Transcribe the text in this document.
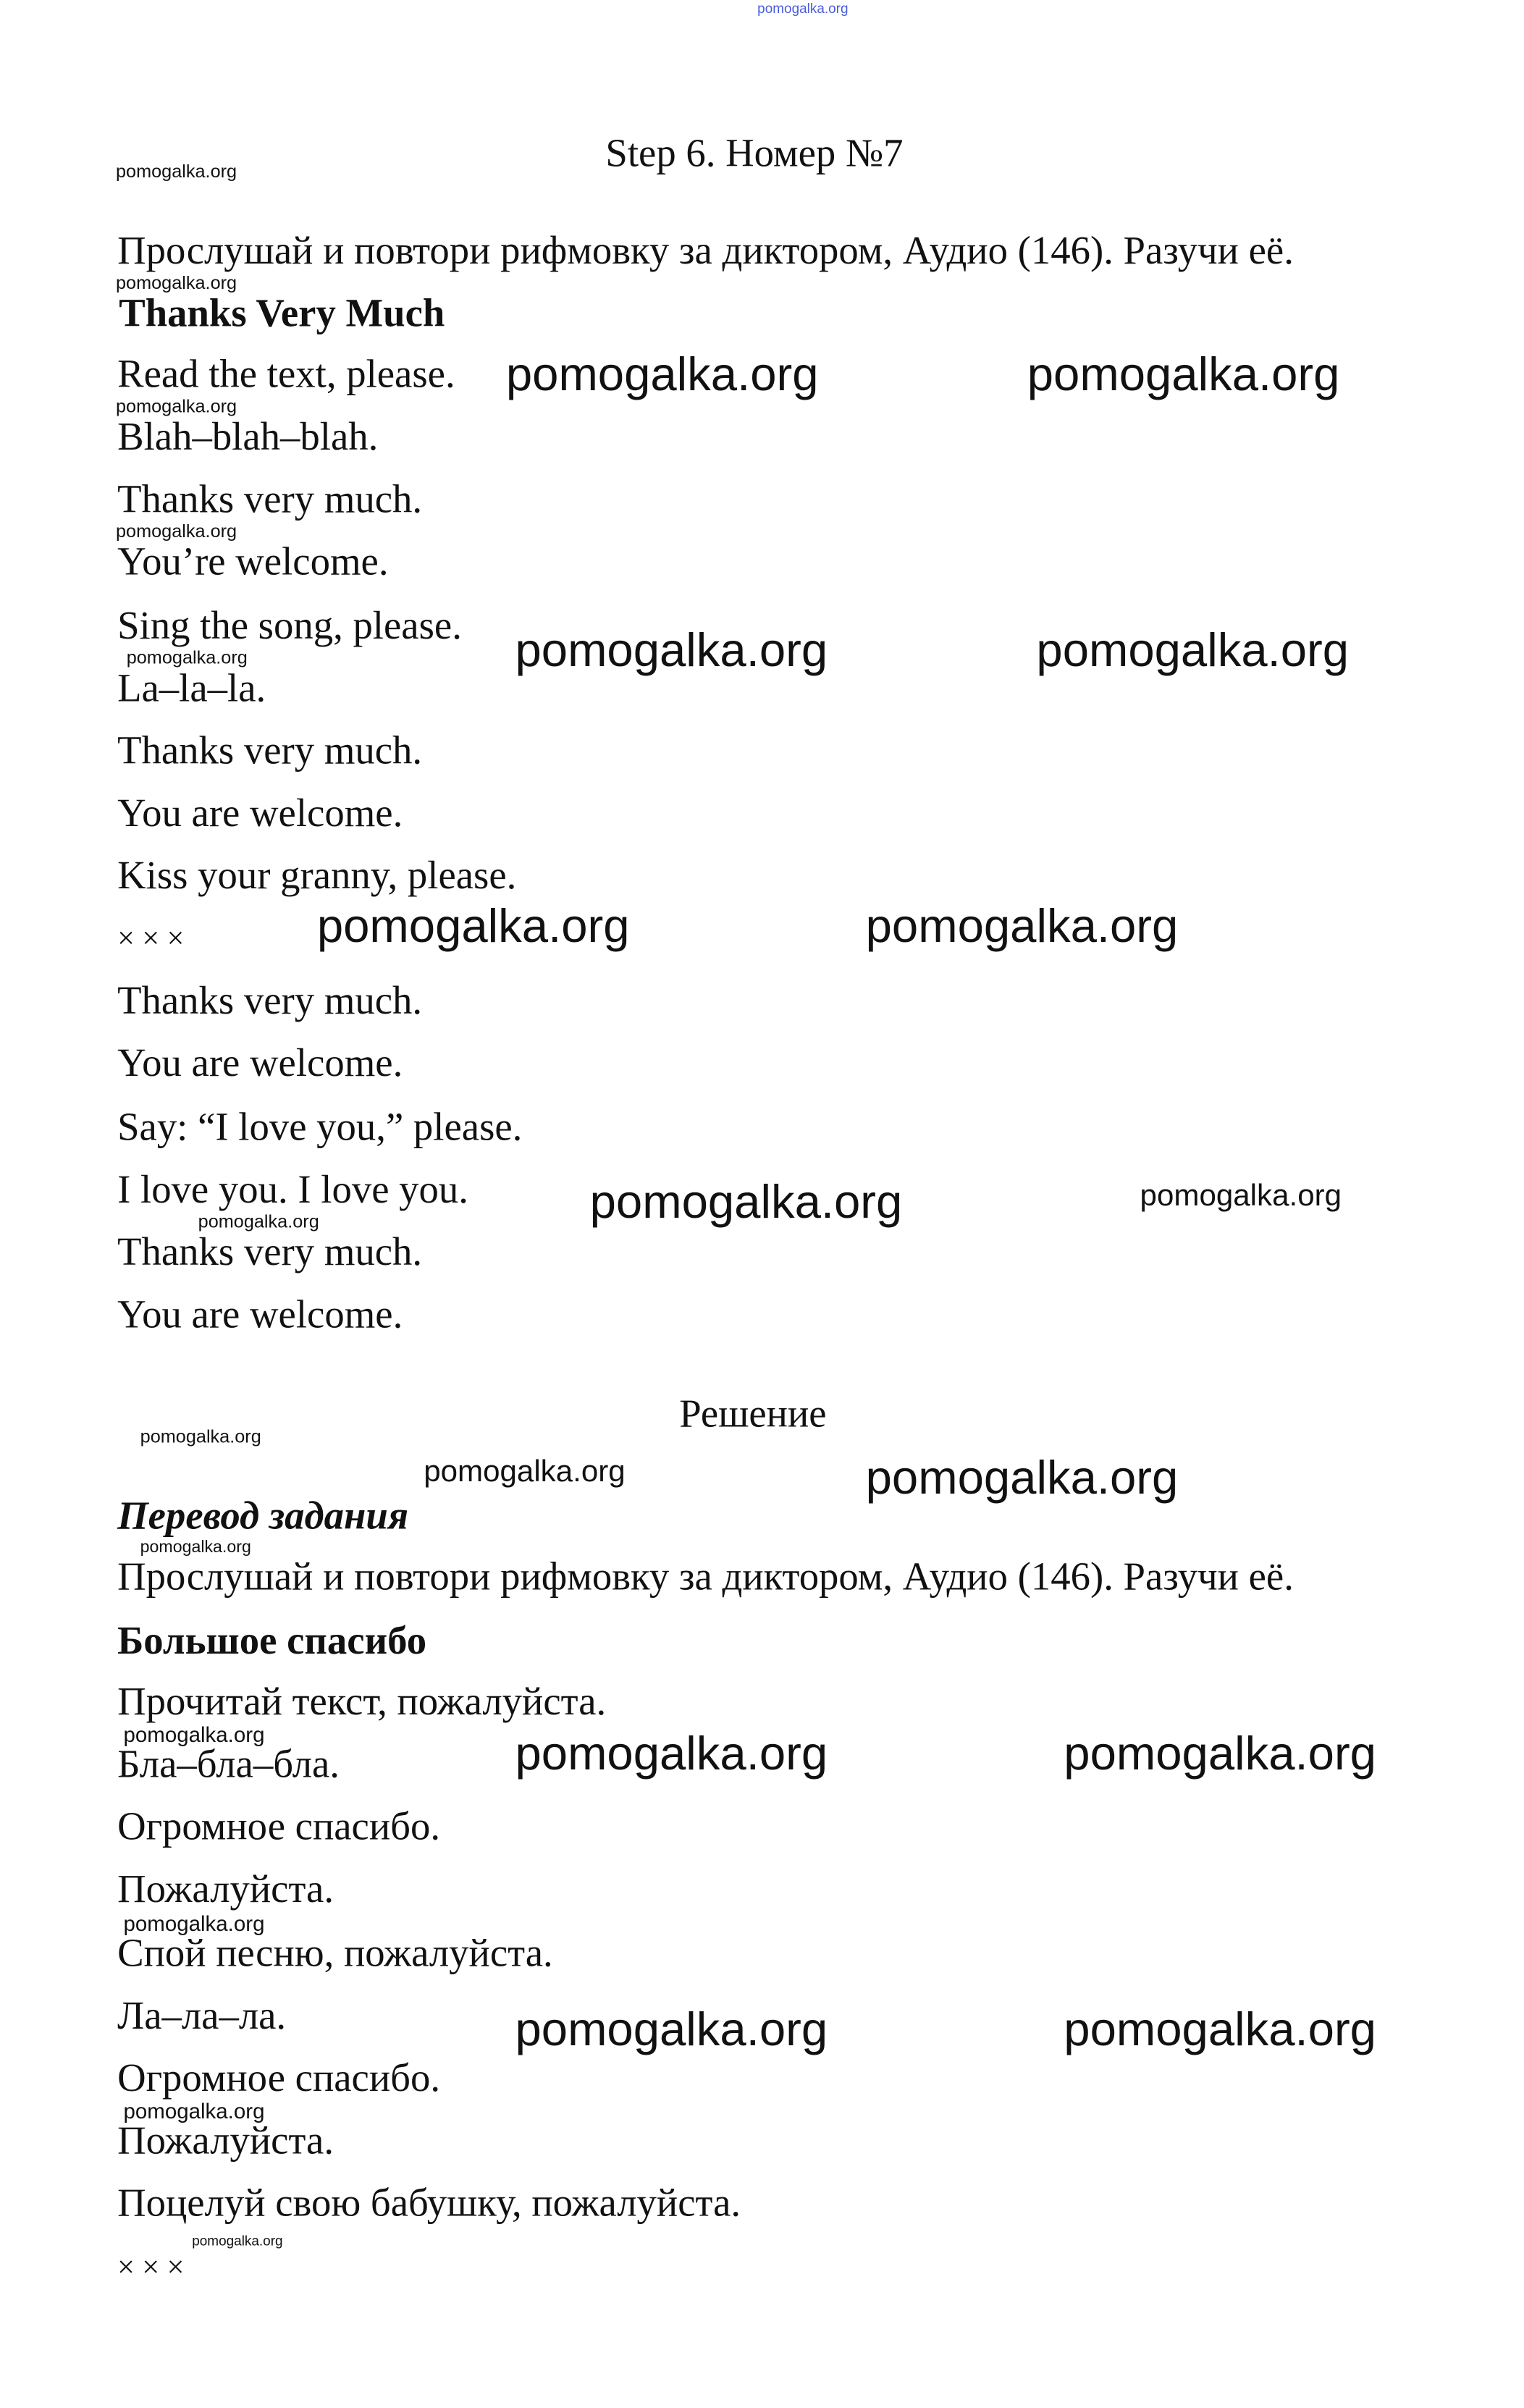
pomogalka.org
Step 6. Номер №7
Прослушай и повтори рифмовку за диктором, Аудио (146). Разучи её.
Thanks Very Much
Read the text, please.
Blah–blah–blah.
Thanks very much.
You’re welcome.
Sing the song, please.
La–la–la.
Thanks very much.
You are welcome.
Kiss your granny, please.
× × ×
Thanks very much.
You are welcome.
Say: “I love you,” please.
I love you. I love you.
Thanks very much.
You are welcome.
Решение
Перевод задания
Прослушай и повтори рифмовку за диктором, Аудио (146). Разучи её.
Большое спасибо
Прочитай текст, пожалуйста.
Бла–бла–бла.
Огромное спасибо.
Пожалуйста.
Спой песню, пожалуйста.
Ла–ла–ла.
Огромное спасибо.
Пожалуйста.
Поцелуй свою бабушку, пожалуйста.
× × ×
pomogalka.org
pomogalka.org
pomogalka.org
pomogalka.org
pomogalka.org
pomogalka.org
pomogalka.org
pomogalka.org
pomogalka.org
pomogalka.org
pomogalka.org
pomogalka.org
pomogalka.org
pomogalka.org
pomogalka.org	pomogalka.org
pomogalka.org	pomogalka.org
pomogalka.org	pomogalka.org
pomogalka.org
pomogalka.org
pomogalka.org	pomogalka.org
pomogalka.org	pomogalka.org
